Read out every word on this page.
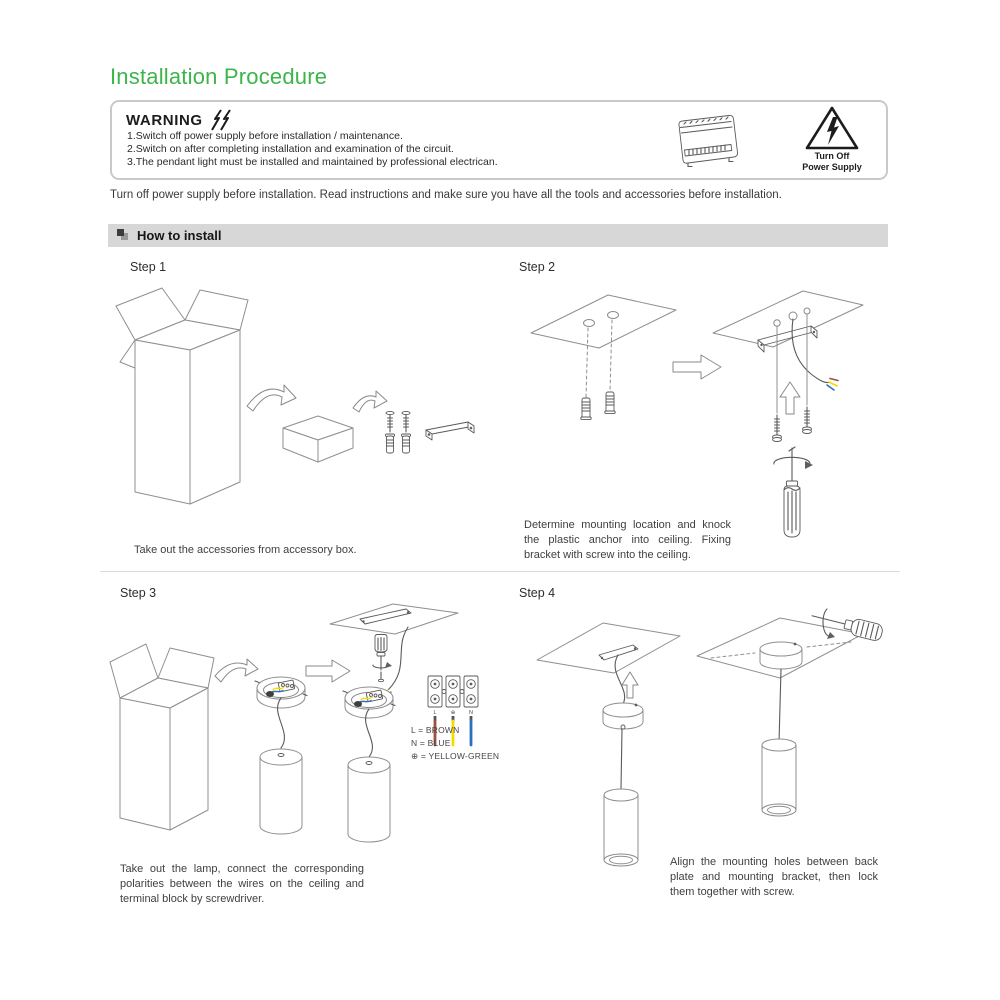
Installation Procedure
WARNING
1.Switch off power supply before installation / maintenance.
2.Switch on after completing installation and examination of the circuit.
3.The pendant light must be installed and maintained by professional electrican.	Turn Off
Power Supply
Turn off power supply before installation. Read instructions and make sure you have all the tools and accessories before installation.
How to install
Step 1	Step 2
Take out the accessories from accessory box.
Determine mounting location and knock the plastic anchor into ceiling. Fixing bracket with screw into the ceiling.
Step 3	Step 4
L	⊕ N
L = BROWN
N = BLUE
⊕ = YELLOW-GREEN
Take out the lamp, connect the corresponding polarities between the wires on the ceiling and terminal block by screwdriver.
Align the mounting holes between back plate and mounting bracket, then lock them together with screw.
